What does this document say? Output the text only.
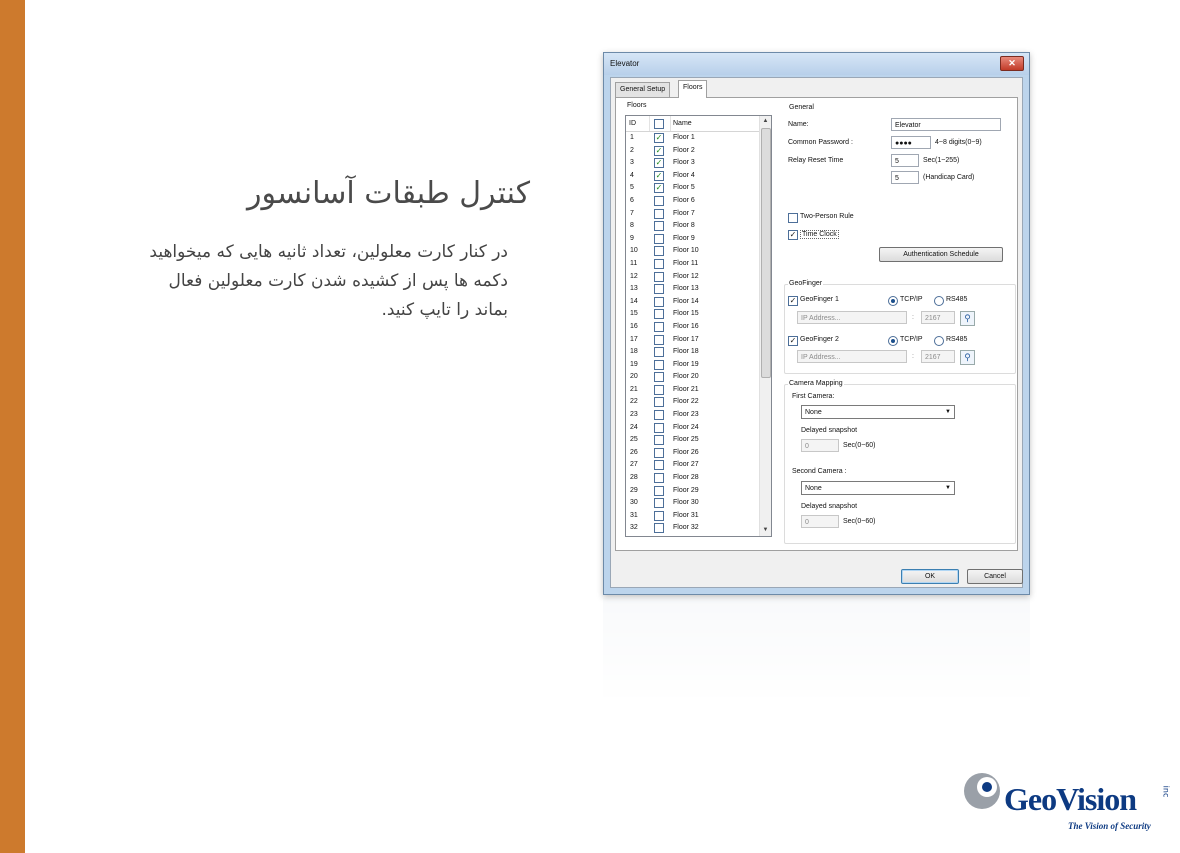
کنترل طبقات آسانسور
در کنار کارت معلولین، تعداد ثانیه هایی که میخواهید دکمه ها پس از کشیده شدن کارت معلولین فعال بماند را تایپ کنید.
Elevator	✕
General Setup	Floors
Floors
ID	Name
1	✓ Floor 1
2	✓ Floor 2
3	✓ Floor 3
4	✓ Floor 4
5	✓ Floor 5
6	Floor 6
7	Floor 7
8	Floor 8
9	Floor 9
10	Floor 10
11	Floor 11
12	Floor 12
13	Floor 13
14	Floor 14
15	Floor 15
16	Floor 16
17	Floor 17
18	Floor 18
19	Floor 19
20	Floor 20
21	Floor 21
22	Floor 22
23	Floor 23
24	Floor 24
25	Floor 25
26	Floor 26
27	Floor 27
28	Floor 28
29	Floor 29
30	Floor 30
31	Floor 31
32	Floor 32
▲
▼
General
Name:	Elevator
Common Password :	●●●●	4~8 digits(0~9)
Relay Reset Time	5	Sec(1~255)
5	(Handicap Card)
Two-Person Rule
✓ Time Clock
Authentication Schedule
GeoFinger
✓ GeoFinger 1	TCP/IP	RS485
IP Address...	:	2167	⚲
✓ GeoFinger 2	TCP/IP	RS485
IP Address...	:	2167	⚲
Camera Mapping
First Camera:
None	▼
Delayed snapshot
0	Sec(0~60)
Second Camera :
None	▼
Delayed snapshot
0	Sec(0~60)
OK	Cancel
GeoVision	inc
The Vision of Security
